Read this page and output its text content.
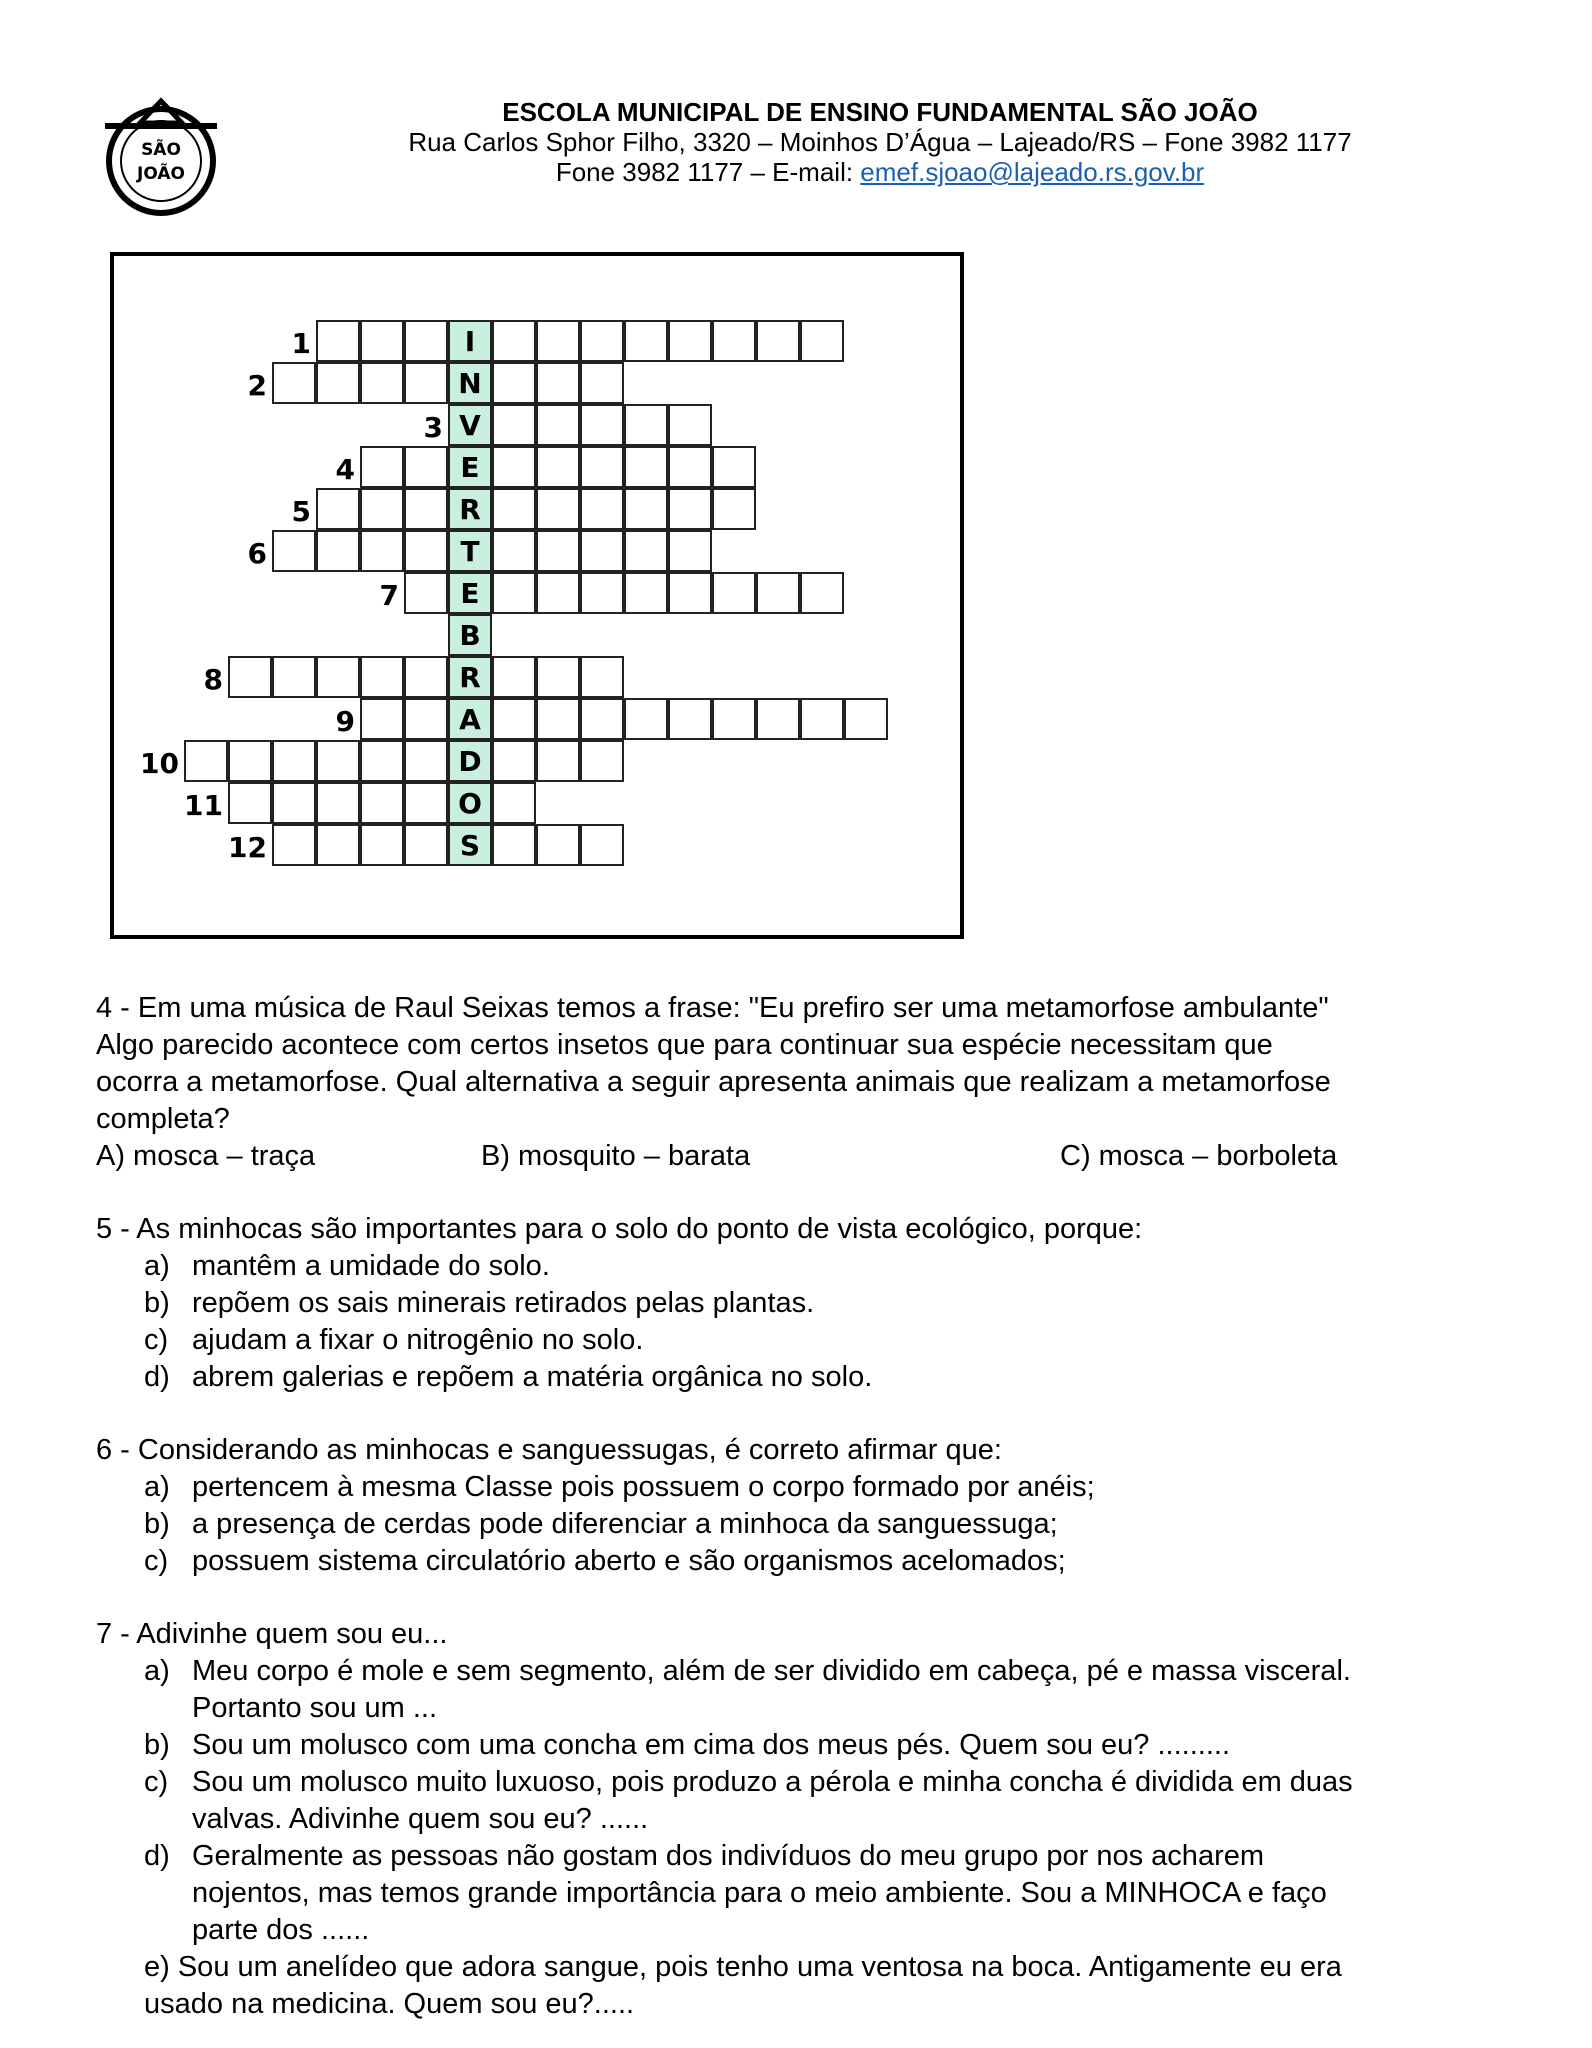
SÃO
JOÃO
ESCOLA MUNICIPAL DE ENSINO FUNDAMENTAL SÃO JOÃO
Rua Carlos Sphor Filho, 3320 – Moinhos D’Água – Lajeado/RS – Fone 3982 1177
Fone 3982 1177 – E-mail: emef.sjoao@lajeado.rs.gov.br
I
1
N
2
V
3
E
4
R
5
T
6
E
7
B
R
8
A
9
D
10
O
11
S
12
4 - Em uma música de Raul Seixas temos a frase: "Eu prefiro ser uma metamorfose ambulante"
Algo parecido acontece com certos insetos que para continuar sua espécie necessitam que
ocorra a metamorfose. Qual alternativa a seguir apresenta animais que realizam a metamorfose
completa?
A) mosca – traça	B) mosquito – barata	C) mosca – borboleta
5 - As minhocas são importantes para o solo do ponto de vista ecológico, porque:
a) mantêm a umidade do solo.
b) repõem os sais minerais retirados pelas plantas.
c) ajudam a fixar o nitrogênio no solo.
d) abrem galerias e repõem a matéria orgânica no solo.
6 - Considerando as minhocas e sanguessugas, é correto afirmar que:
a) pertencem à mesma Classe pois possuem o corpo formado por anéis;
b) a presença de cerdas pode diferenciar a minhoca da sanguessuga;
c) possuem sistema circulatório aberto e são organismos acelomados;
7 - Adivinhe quem sou eu...
a) Meu corpo é mole e sem segmento, além de ser dividido em cabeça, pé e massa visceral.
Portanto sou um ...
b) Sou um molusco com uma concha em cima dos meus pés. Quem sou eu? .........
c) Sou um molusco muito luxuoso, pois produzo a pérola e minha concha é dividida em duas
valvas. Adivinhe quem sou eu? ......
d) Geralmente as pessoas não gostam dos indivíduos do meu grupo por nos acharem
nojentos, mas temos grande importância para o meio ambiente. Sou a MINHOCA e faço
parte dos ......
e) Sou um anelídeo que adora sangue, pois tenho uma ventosa na boca. Antigamente eu era
usado na medicina. Quem sou eu?.....
